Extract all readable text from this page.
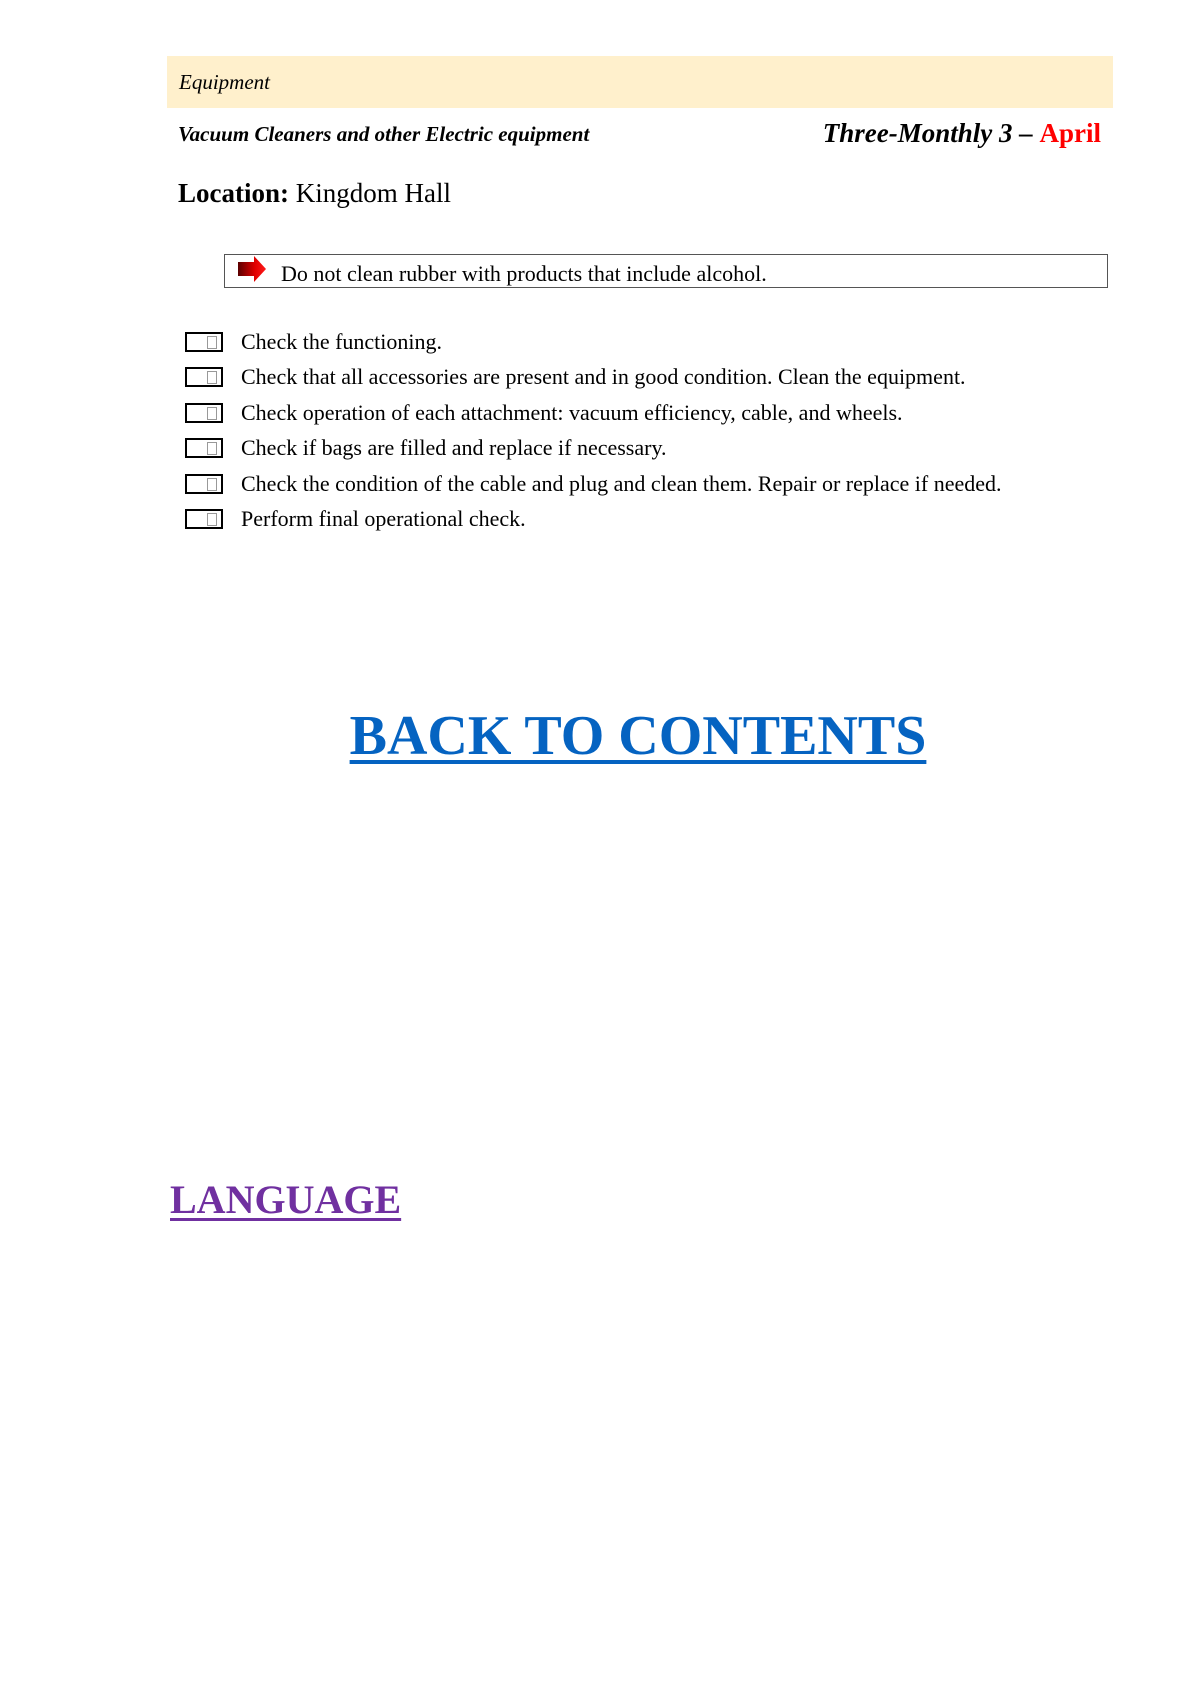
Equipment
Vacuum Cleaners and other Electric equipment	Three-Monthly 3 – April
Location: Kingdom Hall
Do not clean rubber with products that include alcohol.
Check the functioning.
Check that all accessories are present and in good condition. Clean the equipment.
Check operation of each attachment: vacuum efficiency, cable, and wheels.
Check if bags are filled and replace if necessary.
Check the condition of the cable and plug and clean them. Repair or replace if needed.
Perform final operational check.
BACK TO CONTENTS
LANGUAGE
